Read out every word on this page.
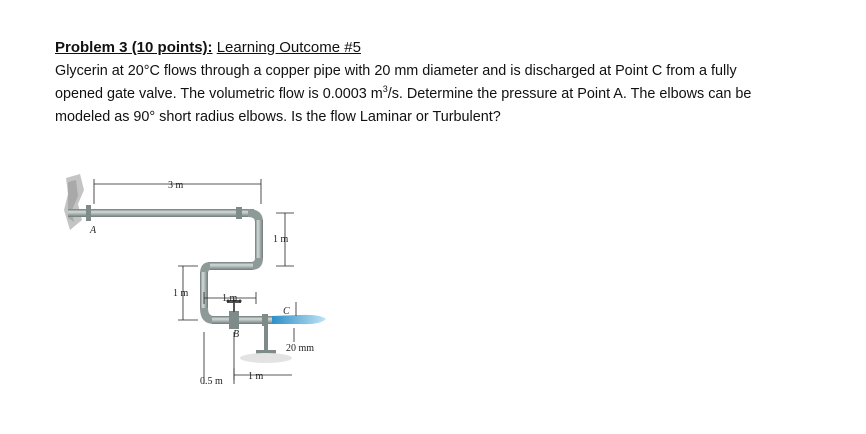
Problem 3 (10 points): Learning Outcome #5
Glycerin at 20°C flows through a copper pipe with 20 mm diameter and is discharged at Point C from a fully
opened gate valve. The volumetric flow is 0.0003 $m^3/s$. Determine the pressure at Point A. The elbows can be
modeled as 90° short radius elbows. Is the flow Laminar or Turbulent?
3 m
A
1 m
1 m	1 m
B
C
20 mm
1 m
0.5 m
